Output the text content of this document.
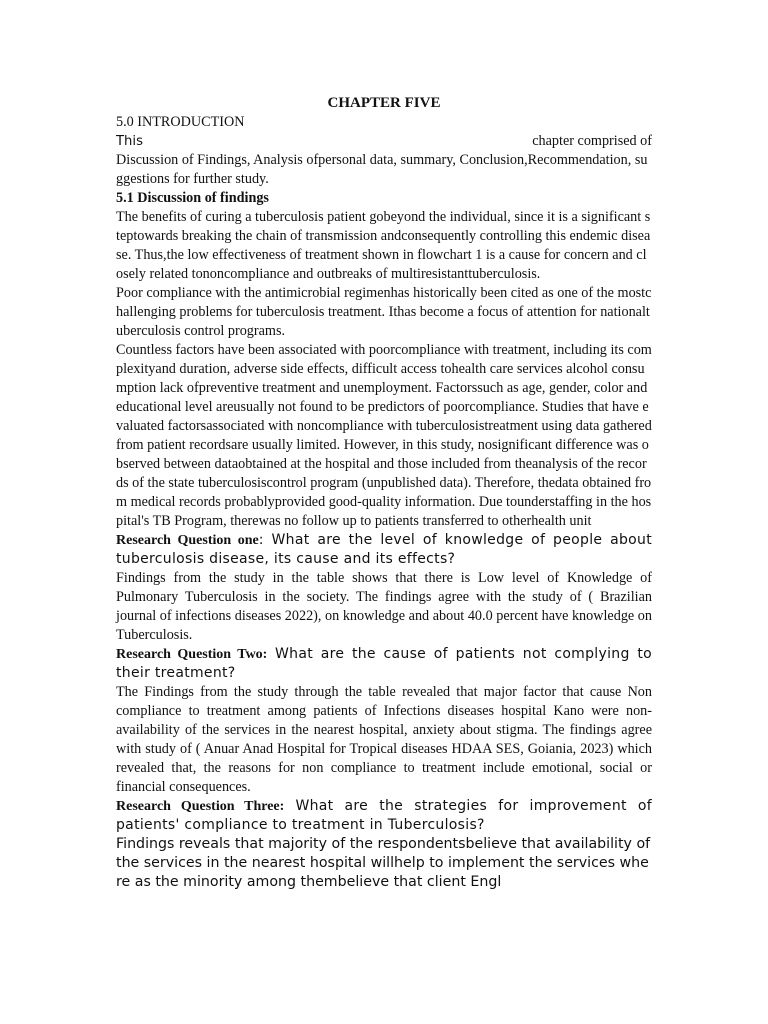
CHAPTER FIVE
5.0 INTRODUCTION
This	chapter comprised of

Discussion of Findings, Analysis ofpersonal data, summary, Conclusion,Recommendation, suggestions for further study.

5.1 Discussion of findings

The benefits of curing a tuberculosis patient gobeyond the individual, since it is a significant steptowards breaking the chain of transmission andconsequently controlling this endemic disease. Thus,the low effectiveness of treatment shown in flowchart 1 is a cause for concern and closely related tononcompliance and outbreaks of multiresistanttuberculosis.

Poor compliance with the antimicrobial regimenhas historically been cited as one of the mostchallenging problems for tuberculosis treatment. Ithas become a focus of attention for nationaltuberculosis control programs.

Countless factors have been associated with poorcompliance with treatment, including its complexityand duration, adverse side effects, difficult access tohealth care services alcohol consumption lack ofpreventive treatment and unemployment. Factorssuch as age, gender, color and educational level areusually not found to be predictors of poorcompliance. Studies that have evaluated factorsassociated with noncompliance with tuberculosistreatment using data gathered from patient recordsare usually limited. However, in this study, nosignificant difference was observed between dataobtained at the hospital and those included from theanalysis of the records of the state tuberculosiscontrol program (unpublished data). Therefore, thedata obtained from medical records probablyprovided good-quality information. Due tounderstaffing in the hospital's TB Program, therewas no follow up to patients transferred to otherhealth unit

Research Question one: What are the level of knowledge of people about tuberculosis disease, its cause and its effects?

Findings from the study in the table shows that there is Low level of Knowledge of Pulmonary Tuberculosis in the society. The findings agree with the study of ( Brazilian journal of infections diseases 2022), on knowledge and about 40.0 percent have knowledge on Tuberculosis.

Research Question Two: What are the cause of patients not complying to their treatment?

The Findings from the study through the table revealed that major factor that cause Non compliance to treatment among patients of Infections diseases hospital Kano were non-availability of the services in the nearest hospital, anxiety about stigma. The findings agree with study of ( Anuar Anad Hospital for Tropical diseases HDAA SES, Goiania, 2023) which revealed that, the reasons for non compliance to treatment include emotional, social or financial consequences.

Research Question Three: What are the strategies for improvement of patients' compliance to treatment in Tuberculosis?

Findings reveals that majority of the respondentsbelieve that availability of the services in the nearest hospital willhelp to implement the services where as the minority among thembelieve that client Engl
